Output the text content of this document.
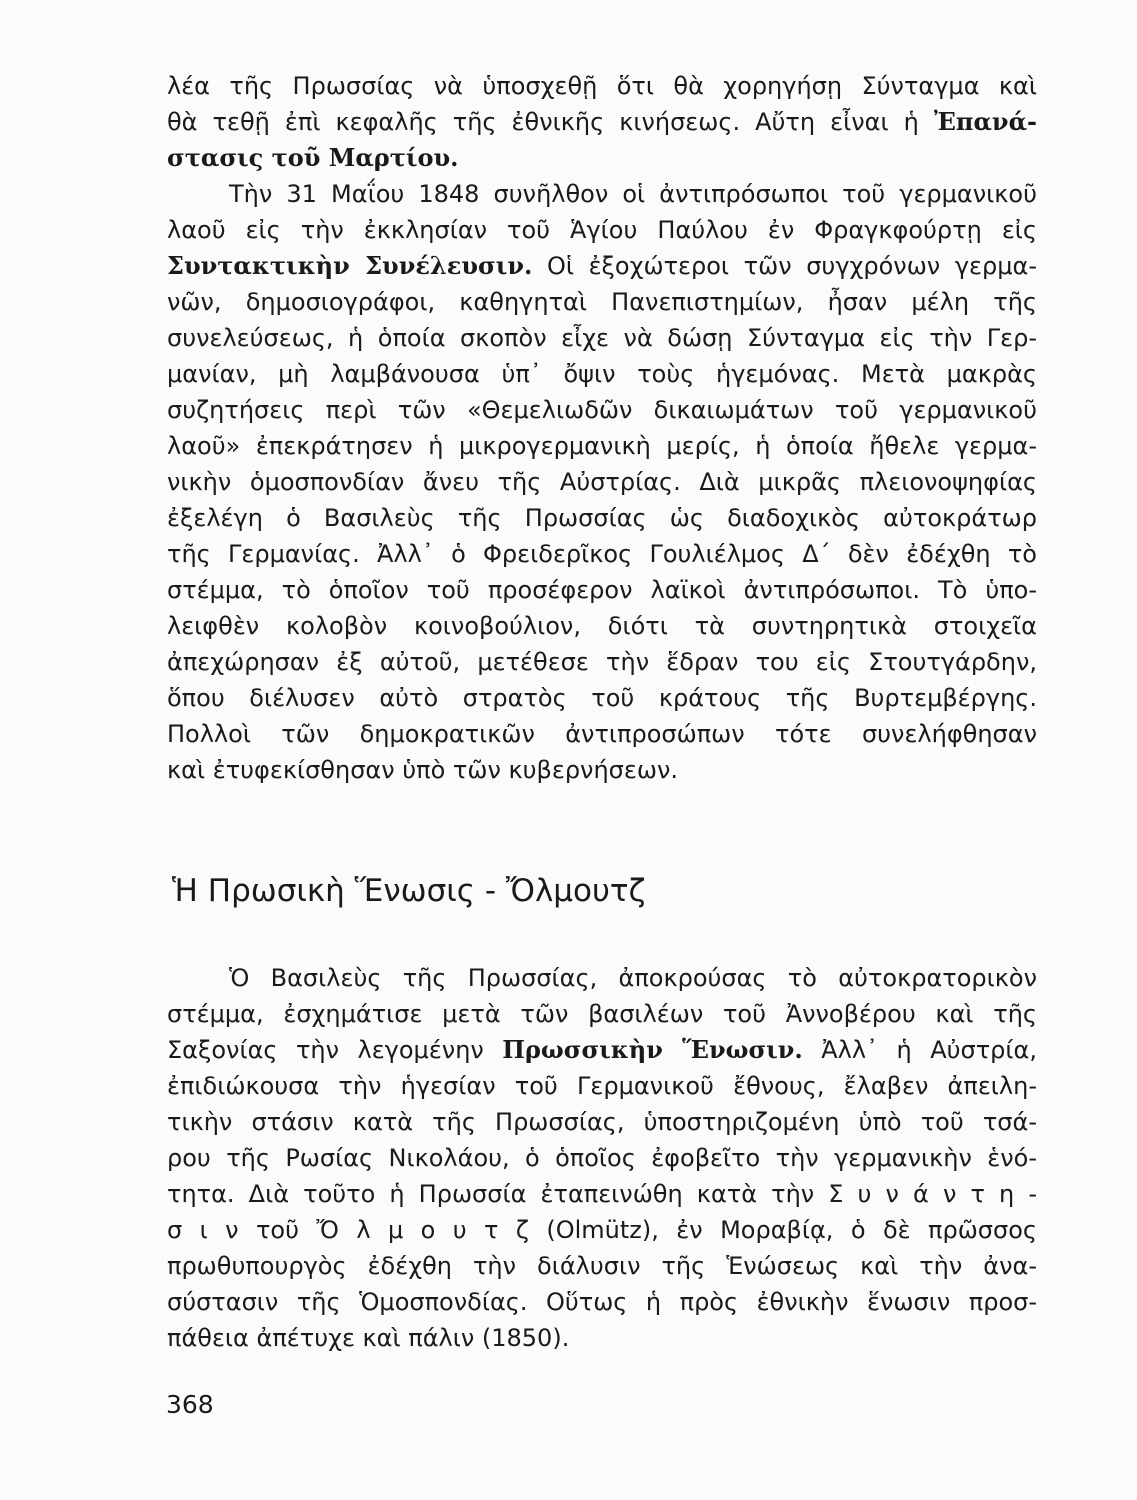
λέα τῆς Πρωσσίας νὰ ὑποσχεθῇ ὅτι θὰ χορηγήσῃ Σύνταγμα καὶ
θὰ τεθῇ ἐπὶ κεφαλῆς τῆς ἐθνικῆς κινήσεως. Αὔτη εἶναι ἡ Ἐπανά-
στασις τοῦ Μαρτίου.
Τὴν 31 Μαΐου 1848 συνῆλθον οἱ ἀντιπρόσωποι τοῦ γερμανικοῦ
λαοῦ εἰς τὴν ἐκκλησίαν τοῦ Ἁγίου Παύλου ἐν Φραγκφούρτῃ εἰς
Συντακτικὴν Συνέλευσιν. Οἱ ἐξοχώτεροι τῶν συγχρόνων γερμα-
νῶν, δημοσιογράφοι, καθηγηταὶ Πανεπιστημίων, ἦσαν μέλη τῆς
συνελεύσεως, ἡ ὁποία σκοπὸν εἶχε νὰ δώσῃ Σύνταγμα εἰς τὴν Γερ-
μανίαν, μὴ λαμβάνουσα ὑπ᾽ ὄψιν τοὺς ἡγεμόνας. Μετὰ μακρὰς
συζητήσεις περὶ τῶν «Θεμελιωδῶν δικαιωμάτων τοῦ γερμανικοῦ
λαοῦ» ἐπεκράτησεν ἡ μικρογερμανικὴ μερίς, ἡ ὁποία ἤθελε γερμα-
νικὴν ὁμοσπονδίαν ἄνευ τῆς Αὐστρίας. Διὰ μικρᾶς πλειονοψηφίας
ἐξελέγη ὁ Βασιλεὺς τῆς Πρωσσίας ὡς διαδοχικὸς αὐτοκράτωρ
τῆς Γερμανίας. Ἀλλ᾽ ὁ Φρειδερῖκος Γουλιέλμος Δ΄ δὲν ἐδέχθη τὸ
στέμμα, τὸ ὁποῖον τοῦ προσέφερον λαϊκοὶ ἀντιπρόσωποι. Τὸ ὑπο-
λειφθὲν κολοβὸν κοινοβούλιον, διότι τὰ συντηρητικὰ στοιχεῖα
ἀπεχώρησαν ἐξ αὐτοῦ, μετέθεσε τὴν ἕδραν του εἰς Στουτγάρδην,
ὅπου διέλυσεν αὐτὸ στρατὸς τοῦ κράτους τῆς Βυρτεμβέργης.
Πολλοὶ τῶν δημοκρατικῶν ἀντιπροσώπων τότε συνελήφθησαν
καὶ ἐτυφεκίσθησαν ὑπὸ τῶν κυβερνήσεων.
Ἡ Πρωσικὴ Ἕνωσις - Ὄλμουτζ
Ὁ Βασιλεὺς τῆς Πρωσσίας, ἀποκρούσας τὸ αὐτοκρατορικὸν
στέμμα, ἐσχημάτισε μετὰ τῶν βασιλέων τοῦ Ἀννοβέρου καὶ τῆς
Σαξονίας τὴν λεγομένην Πρωσσικὴν Ἕνωσιν. Ἀλλ᾽ ἡ Αὐστρία,
ἐπιδιώκουσα τὴν ἡγεσίαν τοῦ Γερμανικοῦ ἔθνους, ἔλαβεν ἀπειλη-
τικὴν στάσιν κατὰ τῆς Πρωσσίας, ὑποστηριζομένη ὑπὸ τοῦ τσά-
ρου τῆς Ρωσίας Νικολάου, ὁ ὁποῖος ἐφοβεῖτο τὴν γερμανικὴν ἑνό-
τητα. Διὰ τοῦτο ἡ Πρωσσία ἐταπεινώθη κατὰ τὴν Σ υ ν ά ν τ η -
σ ι ν τοῦ Ὄ λ μ ο υ τ ζ (Olmütz), ἐν Μοραβίᾳ, ὁ δὲ πρῶσσος
πρωθυπουργὸς ἐδέχθη τὴν διάλυσιν τῆς Ἑνώσεως καὶ τὴν ἀνα-
σύστασιν τῆς Ὁμοσπονδίας. Οὕτως ἡ πρὸς ἐθνικὴν ἕνωσιν προσ-
πάθεια ἀπέτυχε καὶ πάλιν (1850).
368
